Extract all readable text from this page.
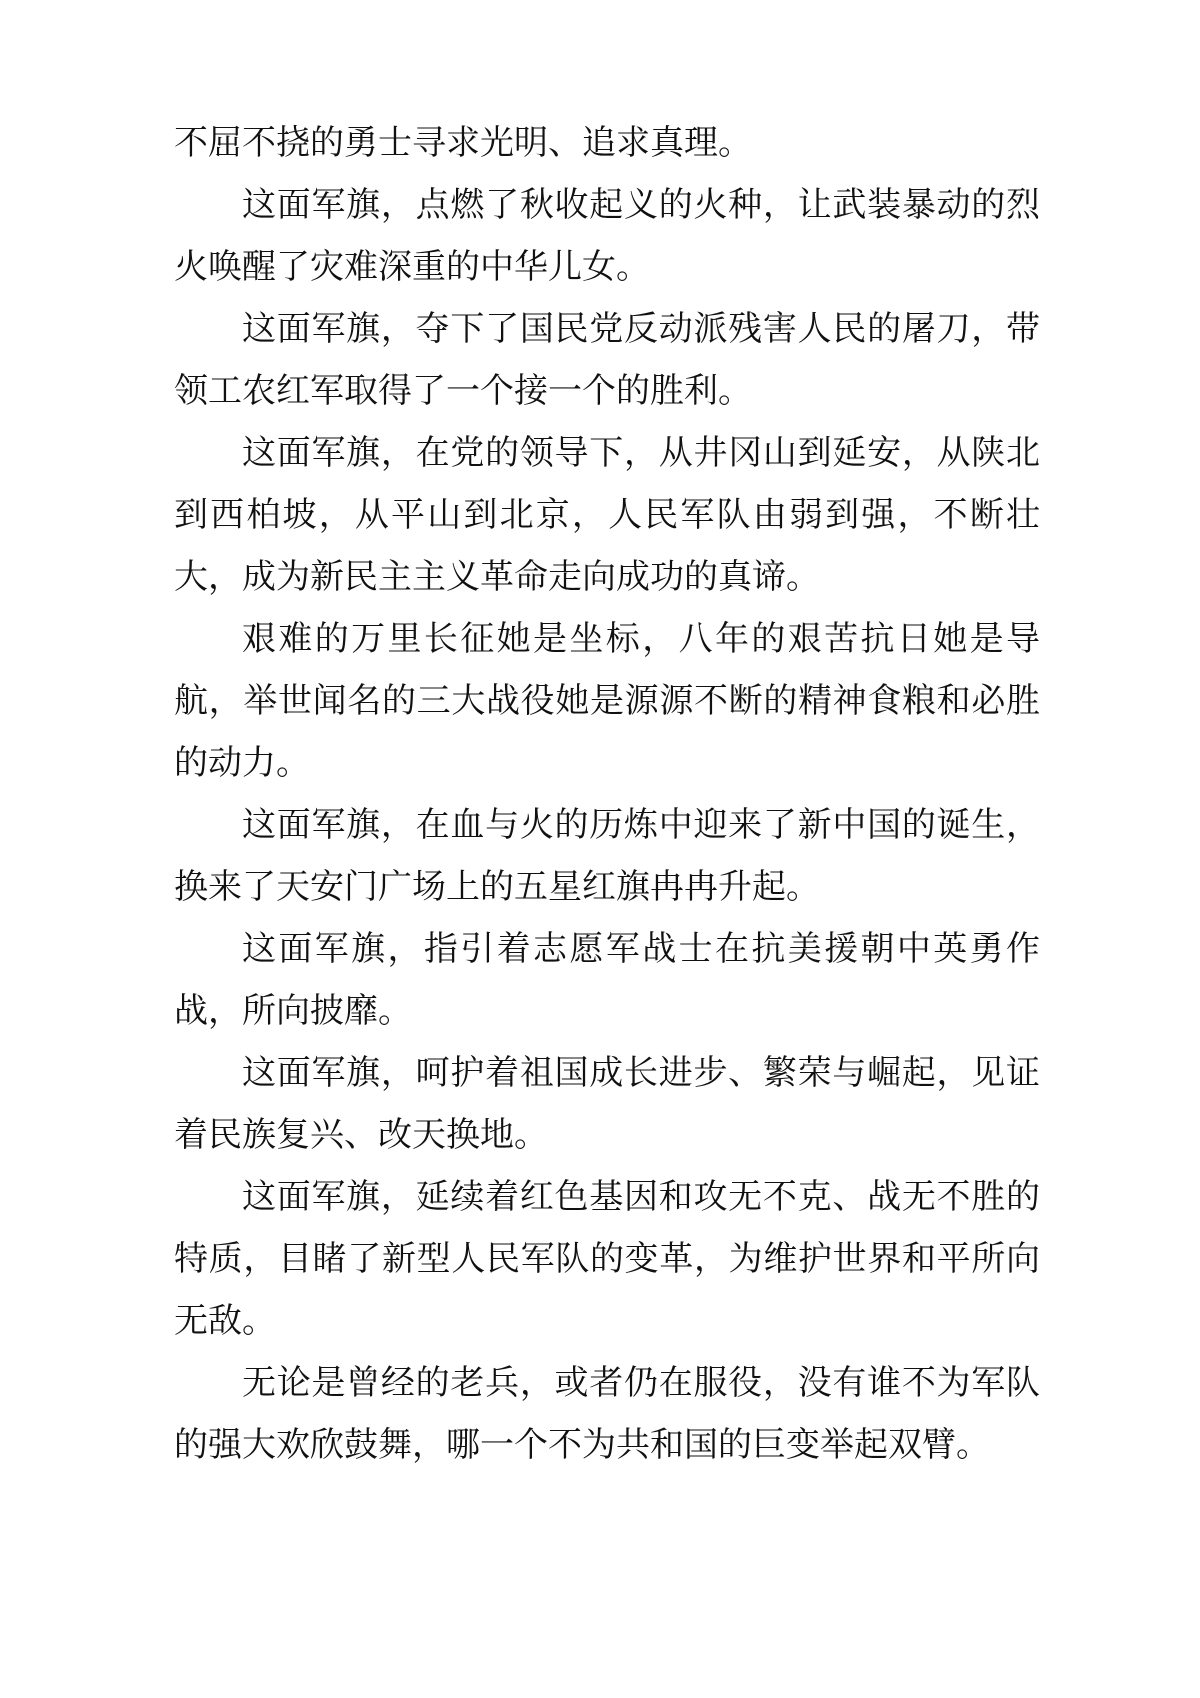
不屈不挠的勇士寻求光明、追求真理。

这面军旗，点燃了秋收起义的火种，让武装暴动的烈火唤醒了灾难深重的中华儿女。

这面军旗，夺下了国民党反动派残害人民的屠刀，带领工农红军取得了一个接一个的胜利。

这面军旗，在党的领导下，从井冈山到延安，从陕北到西柏坡，从平山到北京，人民军队由弱到强，不断壮大，成为新民主主义革命走向成功的真谛。

艰难的万里长征她是坐标，八年的艰苦抗日她是导航，举世闻名的三大战役她是源源不断的精神食粮和必胜的动力。

这面军旗，在血与火的历炼中迎来了新中国的诞生，换来了天安门广场上的五星红旗冉冉升起。

这面军旗，指引着志愿军战士在抗美援朝中英勇作战，所向披靡。

这面军旗，呵护着祖国成长进步、繁荣与崛起，见证着民族复兴、改天换地。

这面军旗，延续着红色基因和攻无不克、战无不胜的特质，目睹了新型人民军队的变革，为维护世界和平所向无敌。

无论是曾经的老兵，或者仍在服役，没有谁不为军队的强大欢欣鼓舞，哪一个不为共和国的巨变举起双臂。
